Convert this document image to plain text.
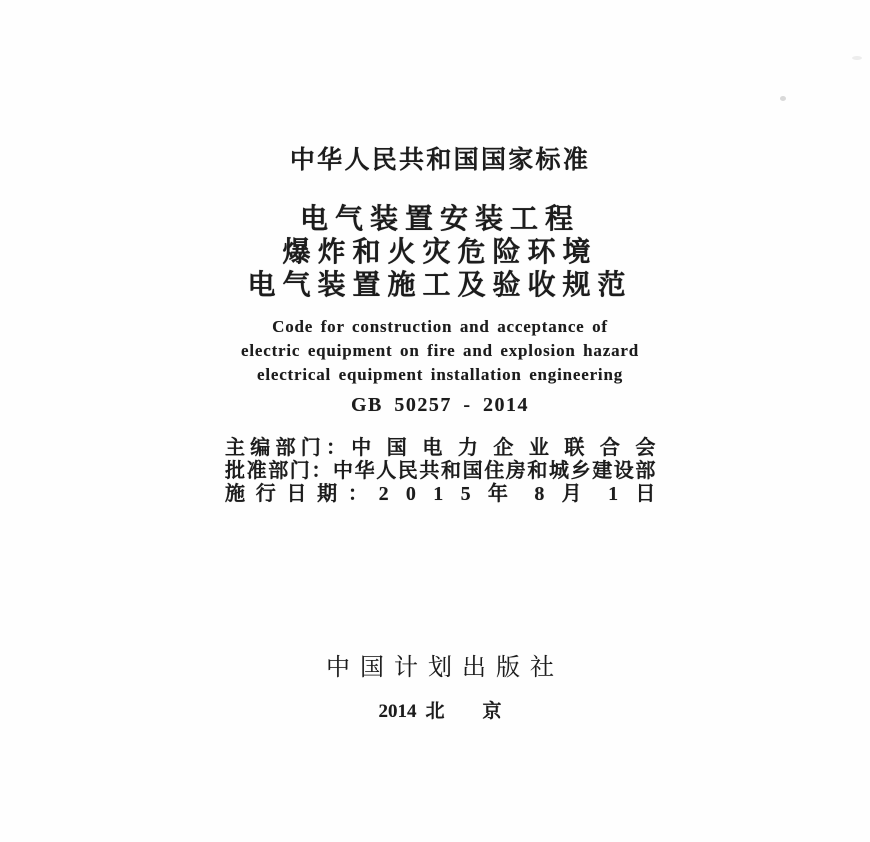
中华人民共和国国家标准
电气装置安装工程
爆炸和火灾危险环境
电气装置施工及验收规范
Code for construction and acceptance of
electric equipment on fire and explosion hazard
electrical equipment installation engineering
GB 50257 - 2014
主编部门：中 国 电 力 企 业 联 合 会
批准部门：中华人民共和国住房和城乡建设部
施行日期：2 0 1 5 年 8 月 1 日
中国计划出版社
2014 北　　京
